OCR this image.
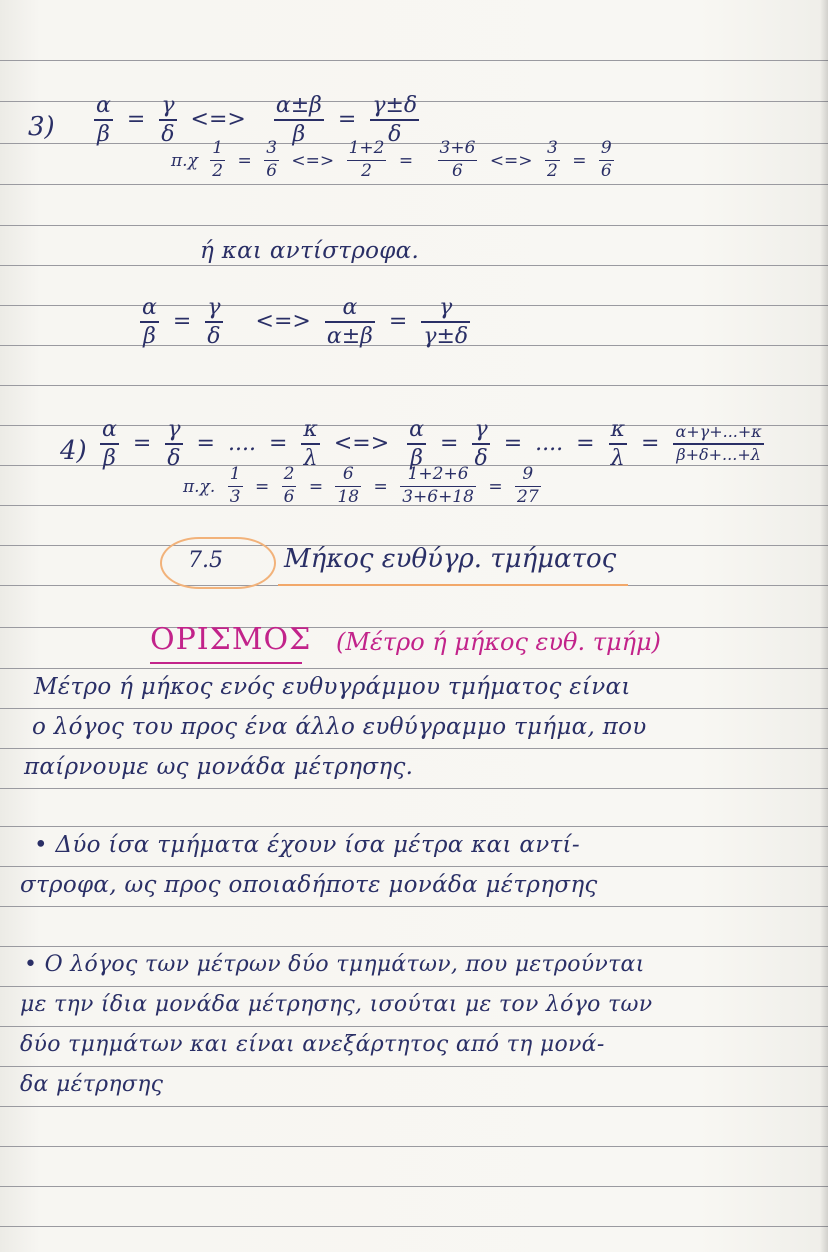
$3) \frac{\alpha}{\beta} = \frac{\gamma}{\delta}$ <=> $\frac{\alpha\pm\beta}{\beta} = \frac{\gamma\pm\delta}{\delta}$
$\pi.\chi \frac{1}{2} = \frac{3}{6}$ <=> $\frac{1+2}{2} = \frac{3+6}{6}$ <=> $\frac{3}{2} = \frac{9}{6}$
ή και αντίστροφα.
$\frac{\alpha}{\beta} = \frac{\gamma}{\delta}$ <=> $\frac{\alpha}{\alpha\pm\beta} = \frac{\gamma}{\gamma\pm\delta}$
$4) \frac{\alpha}{\beta} = \frac{\gamma}{\delta}$ = .... = $\frac{\kappa}{\lambda}$ <=> $\frac{\alpha}{\beta} = \frac{\gamma}{\delta}$ = .... = $\frac{\kappa}{\lambda} = \frac{\alpha+\gamma+...+\kappa}{\beta+\delta+...+\lambda}$
π.χ. $\frac{1}{3} = \frac{2}{6} = \frac{6}{18} = \frac{1+2+6}{3+6+18} = \frac{9}{27}$
7.5 Μήκος ευθύγρ. τμήματος
ΟΡΙΣΜΟΣ (Μέτρο ή μήκος ευθ. τμήμ)
Μέτρο ή μήκος ενός ευθυγράμμου τμήματος είναι
ο λόγος του προς ένα άλλο ευθύγραμμο τμήμα, που
παίρνουμε ως μονάδα μέτρησης.
• Δύο ίσα τμήματα έχουν ίσα μέτρα και αντί-
στροφα, ως προς οποιαδήποτε μονάδα μέτρησης
• Ο λόγος των μέτρων δύο τμημάτων, που μετρούνται
με την ίδια μονάδα μέτρησης, ισούται με τον λόγο των
δύο τμημάτων και είναι ανεξάρτητος από τη μονά-
δα μέτρησης
